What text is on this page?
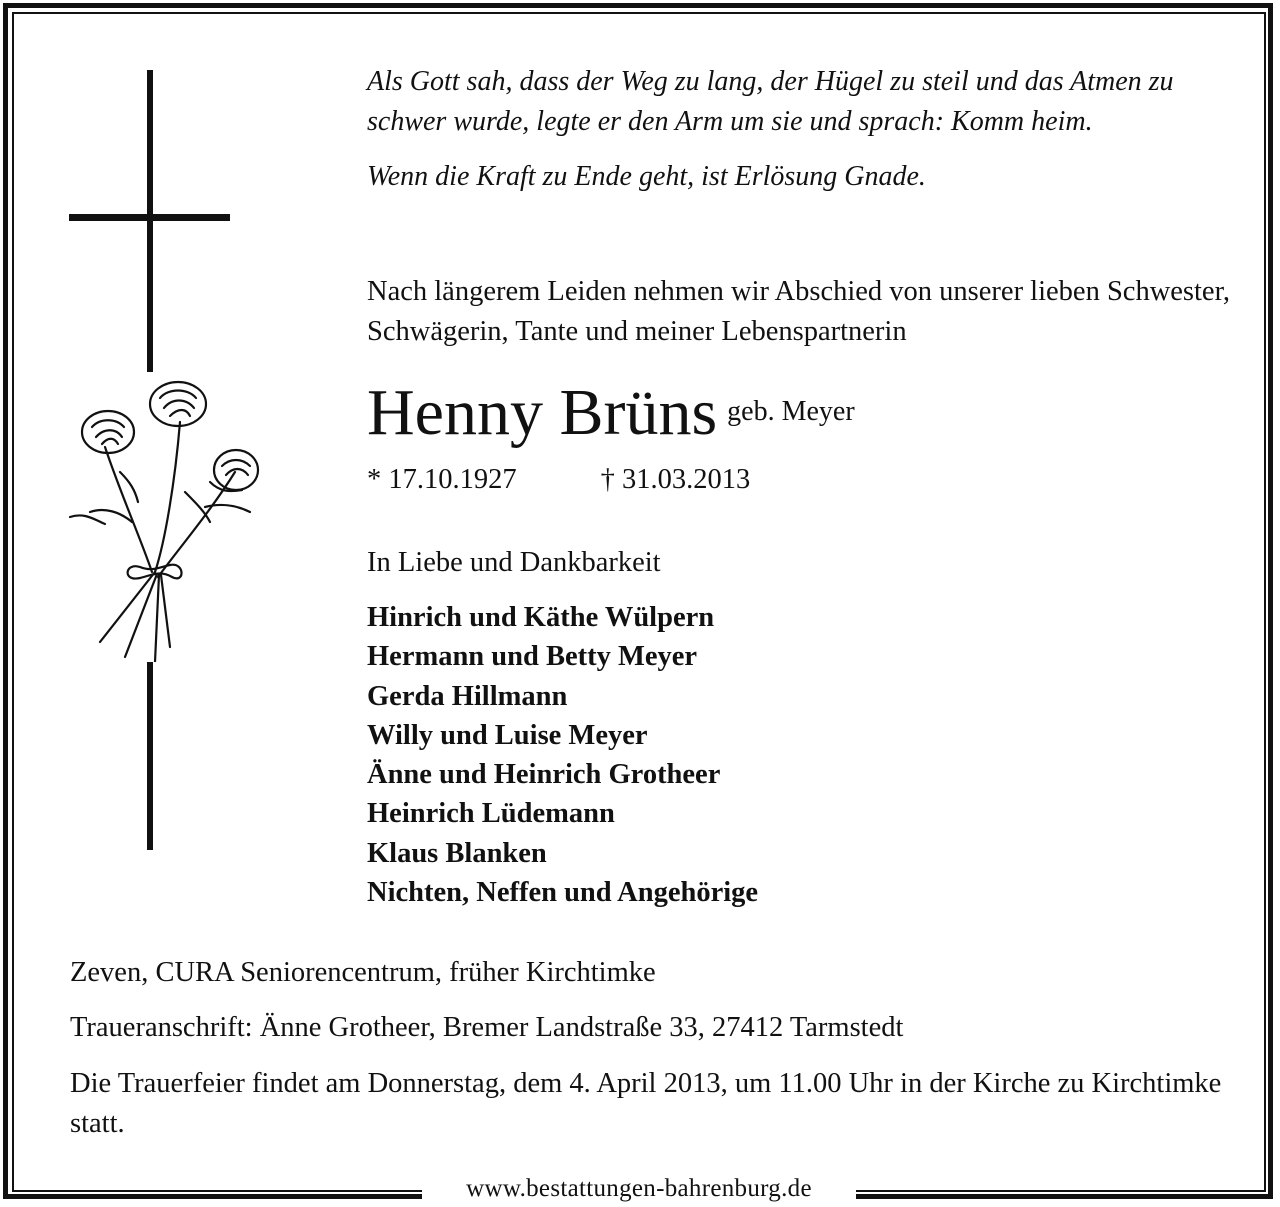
www.bestattungen-bahrenburg.de

Als Gott sah, dass der Weg zu lang, der Hügel zu steil und das Atmen zu schwer wurde, legte er den Arm um sie und sprach: Komm heim.

Wenn die Kraft zu Ende geht, ist Erlösung Gnade.

Nach längerem Leiden nehmen wir Abschied von unserer lieben Schwester, Schwägerin, Tante und meiner Lebenspartnerin
Henny Brüns $^{geb. Meyer}$
* 17.10.1927	† 31.03.2013
In Liebe und Dankbarkeit
Hinrich und Käthe Wülpern
Hermann und Betty Meyer
Gerda Hillmann
Willy und Luise Meyer
Änne und Heinrich Grotheer
Heinrich Lüdemann
Klaus Blanken
Nichten, Neffen und Angehörige
Zeven, CURA Seniorencentrum, früher Kirchtimke
Traueranschrift: Änne Grotheer, Bremer Landstraße 33, 27412 Tarmstedt
Die Trauerfeier findet am Donnerstag, dem 4. April 2013, um 11.00 Uhr in der Kirche zu Kirchtimke statt.
